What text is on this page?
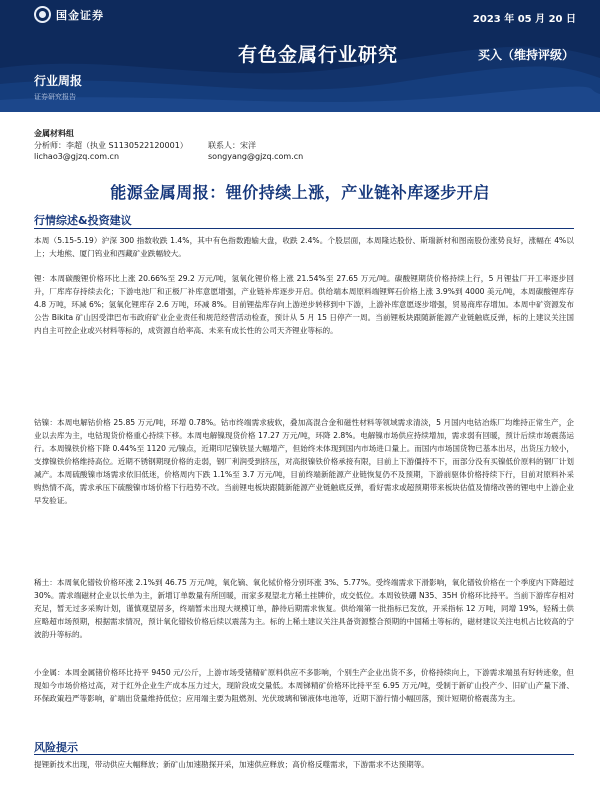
国金证券	2023 年 05 月 20 日
有色金属行业研究	买入（维持评级）
行业周报
证券研究报告
金属材料组
分析师：李超（执业 S1130522120001）	联系人：宋洋
lichao3@gjzq.com.cn	songyang@gjzq.com.cn
能源金属周报：锂价持续上涨，产业链补库逐步开启
行情综述&投资建议

本周（5.15-5.19）沪深 300 指数收跌 1.4%，其中有色指数跑输大盘，收跌 2.4%。个股层面，本周隆达股份、斯瑞新材和图南股份涨势良好，涨幅在 4%以上；大地熊、厦门钨业和西藏矿业跌幅较大。

锂：本周碳酸锂价格环比上涨 20.66%至 29.2 万元/吨，氢氧化锂价格上涨 21.54%至 27.65 万元/吨。碳酸锂期货价格持续上行，5 月锂盐厂开工率逐步回升，厂库库存持续去化；下游电池厂和正极厂补库意愿增强，产业链补库逐步开启。供给端本周原料端锂辉石价格上涨 3.9%到 4000 美元/吨，本周碳酸锂库存 4.8 万吨，环减 6%；氢氧化锂库存 2.6 万吨，环减 8%。目前锂盐库存向上游逆步转移到中下游，上游补库意愿逐步增强，贸易商库存增加。本周中矿资源发布公告 Bikita 矿山因受津巴布韦政府矿业企业责任和规范经营活动检查，预计从 5 月 15 日停产一周。当前锂板块跟随新能源产业链触底反弹，标的上建议关注国内自主可控企业或兴材料等标的，成资源自给率高、未来有成长性的公司天齐锂业等标的。

钴镍：本周电解钴价格 25.85 万元/吨，环增 0.78%。钴市终端需求疲软，叠加高混合金和磁性材料等领域需求清淡，5 月国内电钴冶炼厂均维持正常生产，企业以去库为主，电钴现货价格重心持续下移。本周电解镍现货价格 17.27 万元/吨，环降 2.8%。电解镍市场供应持续增加，需求弱有回暖，预计后续市场震荡运行。本周镍铁价格下降 0.44%至 1120 元/镍点，近期印尼镍铁显大幅增产，但始终未体现到国内市场进口量上。而国内市场国货物已基本出尽，出货压力较小，支撑镍铁价格维持高位。近期不锈钢期现价格的走弱，钢厂利润受到挤压，对高报镍铁价格承接有限，目前上下游僵持不下，而部分没有买镍低价原料的钢厂计划减产。本周硫酸镍市场需求依旧低迷，价格周内下跌 1.1%至 3.7 万元/吨，目前终端新能源产业链恢复仍不及预期，下游前驱体价格持续下行，目前对原料补采购热情不高，需求承压下硫酸镍市场价格下行趋势不改。当前锂电板块跟随新能源产业链触底反弹，看好需求或超预期带来板块估值及情绪改善的锂电中上游企业早发验证。

稀土：本周氧化镨钕价格环涨 2.1%到 46.75 万元/吨，氧化镝、氧化铽价格分别环涨 3%、5.77%。受终端需求下滑影响，氧化镨钕价格在一个季度内下降超过 30%。需求端磁材企业以长单为主，新增订单数量有所回暖，而家多观望北方稀土挂牌价，成交低位。本周钕铁硼 N35、35H 价格环比持平。当前下游库存相对充足，暂无过多采购计划，谨慎观望居多，终端暂未出现大规模订单，静待后期需求恢复。供给端第一批指标已发放，开采指标 12 万吨，同增 19%，轻稀土供应略超市场预期，根据需求情况，预计氧化镨钕价格后续以震荡为主。标的上稀土建议关注具备资源整合预期的中国稀土等标的，磁材建议关注电机占比较高的宁波韵升等标的。

小金属：本周金属锗价格环比持平 9450 元/公斤，上游市场受锗精矿原料供应不多影响，个别生产企业出货不多，价格持续向上，下游需求端虽有好转迹象，但现如今市场价格过高，对于红外企业生产成本压力过大，现阶段成交量低。本周锑精矿价格环比持平至 6.95 万元/吨，受制于新矿山投产少、旧矿山产量下滑、环保政策趋严等影响，矿端出货量维持低位；应用端主要为阻燃剂、光伏玻璃和锑液体电池等，近期下游行情小幅回落，预计短期价格震荡为主。

风险提示

提锂新技术出现，带动供应大幅释放；新矿山加速勘探开采，加速供应释放；高价格反噬需求，下游需求不达预期等。
